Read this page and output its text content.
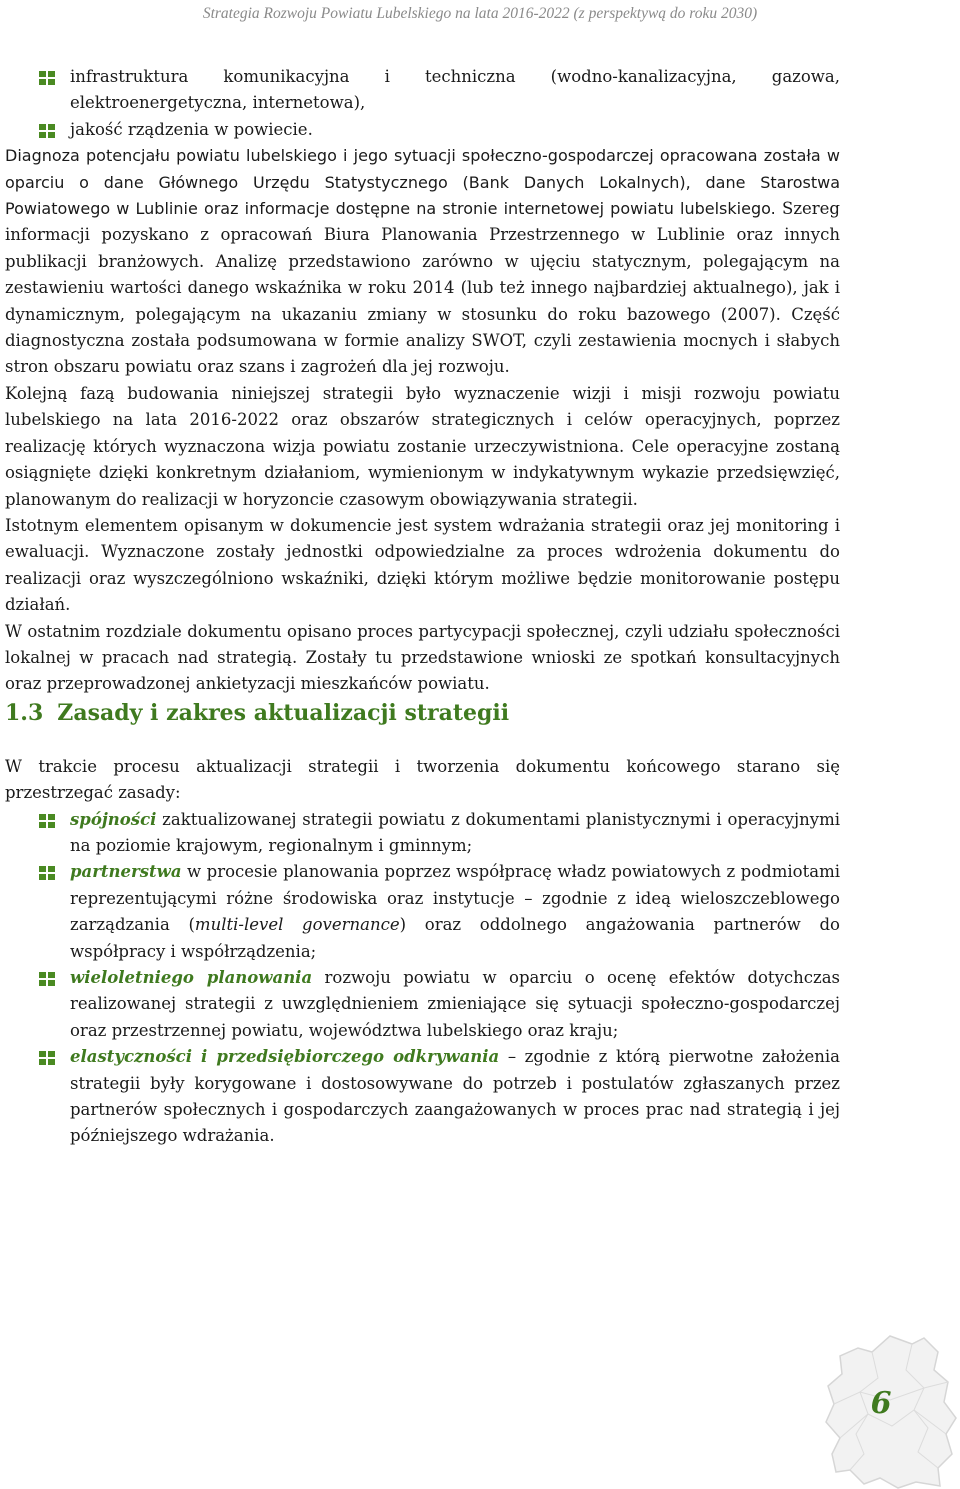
Strategia Rozwoju Powiatu Lubelskiego na lata 2016-2022 (z perspektywą do roku 2030)
infrastruktura komunikacyjna i techniczna (wodno-kanalizacyjna, gazowa, elektroenergetyczna, internetowa),
jakość rządzenia w powiecie.

Diagnoza potencjału powiatu lubelskiego i jego sytuacji społeczno-gospodarczej opracowana została w oparciu o dane Głównego Urzędu Statystycznego (Bank Danych Lokalnych), dane Starostwa Powiatowego w Lublinie oraz informacje dostępne na stronie internetowej powiatu lubelskiego. Szereg informacji pozyskano z opracowań Biura Planowania Przestrzennego w Lublinie oraz innych publikacji branżowych. Analizę przedstawiono zarówno w ujęciu statycznym, polegającym na zestawieniu wartości danego wskaźnika w roku 2014 (lub też innego najbardziej aktualnego), jak i dynamicznym, polegającym na ukazaniu zmiany w stosunku do roku bazowego (2007). Część diagnostyczna została podsumowana w formie analizy SWOT, czyli zestawienia mocnych i słabych stron obszaru powiatu oraz szans i zagrożeń dla jej rozwoju.

Kolejną fazą budowania niniejszej strategii było wyznaczenie wizji i misji rozwoju powiatu lubelskiego na lata 2016-2022 oraz obszarów strategicznych i celów operacyjnych, poprzez realizację których wyznaczona wizja powiatu zostanie urzeczywistniona. Cele operacyjne zostaną osiągnięte dzięki konkretnym działaniom, wymienionym w indykatywnym wykazie przedsięwzięć, planowanym do realizacji w horyzoncie czasowym obowiązywania strategii.

Istotnym elementem opisanym w dokumencie jest system wdrażania strategii oraz jej monitoring i ewaluacji. Wyznaczone zostały jednostki odpowiedzialne za proces wdrożenia dokumentu do realizacji oraz wyszczególniono wskaźniki, dzięki którym możliwe będzie monitorowanie postępu działań.

W ostatnim rozdziale dokumentu opisano proces partycypacji społecznej, czyli udziału społeczności lokalnej w pracach nad strategią. Zostały tu przedstawione wnioski ze spotkań konsultacyjnych oraz przeprowadzonej ankietyzacji mieszkańców powiatu.

1.3 Zasady i zakres aktualizacji strategii

W trakcie procesu aktualizacji strategii i tworzenia dokumentu końcowego starano się przestrzegać zasady:

spójności zaktualizowanej strategii powiatu z dokumentami planistycznymi i operacyjnymi na poziomie krajowym, regionalnym i gminnym;
partnerstwa w procesie planowania poprzez współpracę władz powiatowych z podmiotami reprezentującymi różne środowiska oraz instytucje – zgodnie z ideą wieloszczeblowego zarządzania (multi-level governance) oraz oddolnego angażowania partnerów do współpracy i współrządzenia;
wieloletniego planowania rozwoju powiatu w oparciu o ocenę efektów dotychczas realizowanej strategii z uwzględnieniem zmieniające się sytuacji społeczno-gospodarczej oraz przestrzennej powiatu, województwa lubelskiego oraz kraju;
elastyczności i przedsiębiorczego odkrywania – zgodnie z którą pierwotne założenia strategii były korygowane i dostosowywane do potrzeb i postulatów zgłaszanych przez partnerów społecznych i gospodarczych zaangażowanych w proces prac nad strategią i jej późniejszego wdrażania.
6
